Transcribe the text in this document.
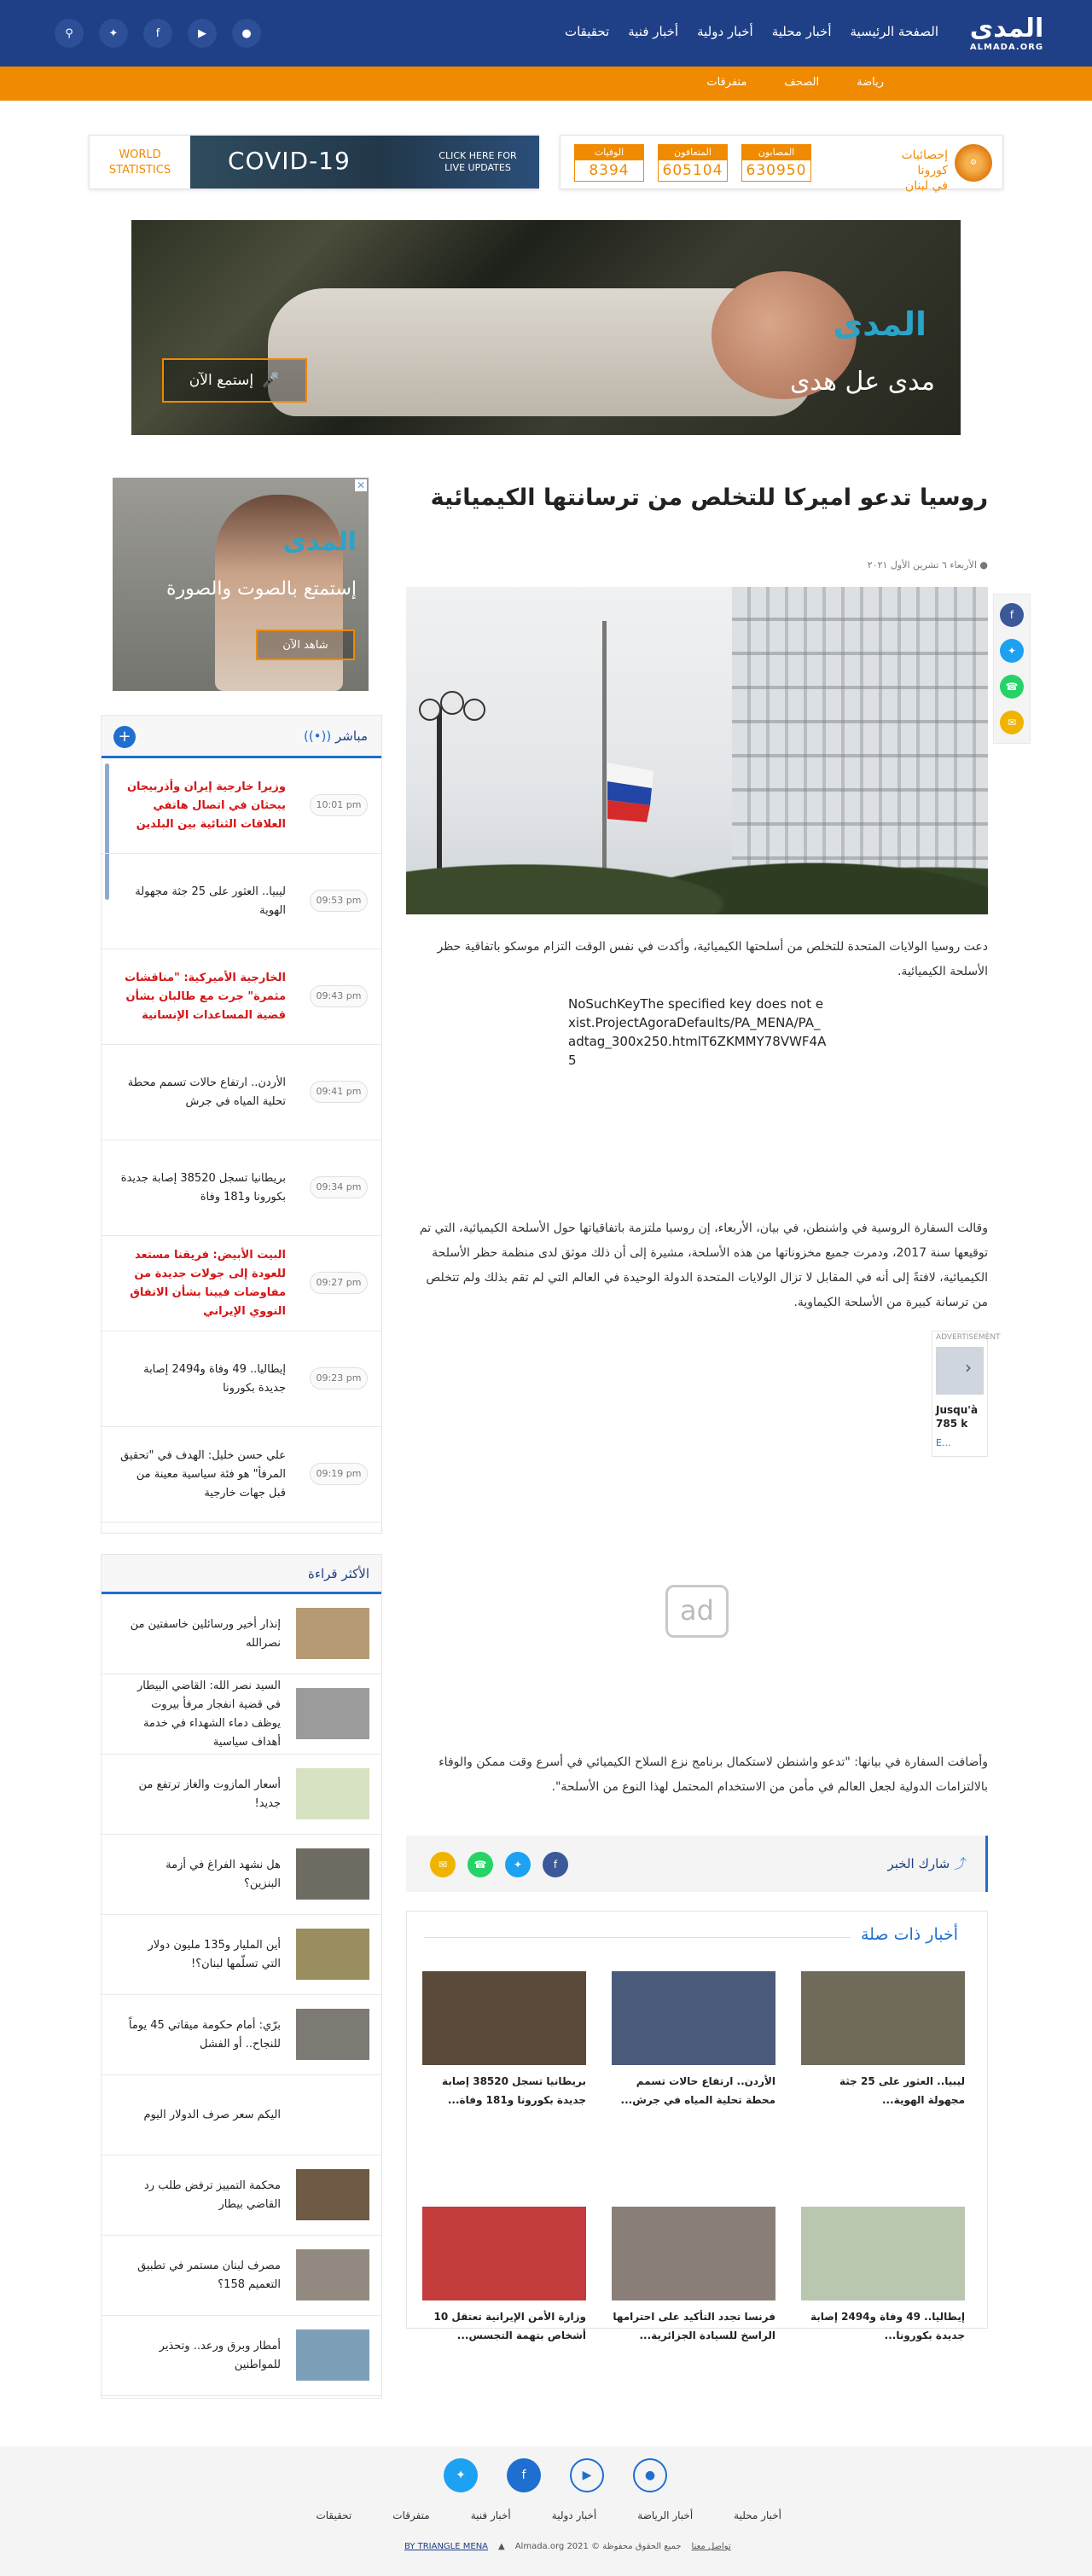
المدى
ALMADA.ORG
الصفحة الرئيسية
أخبار محلية
أخبار دولية
أخبار فنية
تحقيقات
⚲	✦	f	▶	●
رياضة
الصحف
متفرقات
WORLD
STATISTICS	COVID-19	CLICK HERE FOR
LIVE UPDATES	⚙
إحصائيات كورونا
في لبنان
المصابون
630950
المتعافون
605104
الوفيات
8394
المدى
مدى عل هدى
🎤
إستمع الآن
✕
المدى
إستمتع بالصوت والصورة
شاهد الآن
مباشر ((•))
+
وزيرا خارجية إيران وأذربيجان يبحثان في اتصال هاتفي العلاقات الثنائية بين البلدين
10:01 pm
ليبيا.. العثور على 25 جثة مجهولة الهوية
09:53 pm
الخارجية الأميركية: "مناقشات مثمرة" جرت مع طالبان بشأن قضية المساعدات الإنسانية
09:43 pm
الأردن.. ارتفاع حالات تسمم محطة تحلية المياه في جرش
09:41 pm
بريطانيا تسجل 38520 إصابة جديدة بكورونا و181 وفاة
09:34 pm
البيت الأبيض: فريقنا مستعد للعودة إلى جولات جديدة من مفاوضات فيينا بشأن الاتفاق النووي الإيراني
09:27 pm
إيطاليا.. 49 وفاة و2494 إصابة جديدة بكورونا
09:23 pm
علي حسن خليل: الهدف في "تحقيق المرفأ" هو فئة سياسية معينة من قبل جهات خارجية
09:19 pm
الأكثر قراءة
إنذار أخير ورسائلين خاسفتين من نصرالله
السيد نصر الله: القاضي البيطار في قضية انفجار مرفأ بيروت يوظف دماء الشهداء في خدمة أهداف سياسية
أسعار المازوت والغاز ترتفع من جديد!
هل نشهد الفراغ في أزمة البنزين؟
أين المليار و135 مليون دولار التي تسلّمها لبنان؟!
برّي: أمام حكومة ميقاتي 45 يوماً للنجاح.. أو الفشل
اليكم سعر صرف الدولار اليوم
محكمة التمييز ترفض طلب رد القاضي بيطار
مصرف لبنان مستمر في تطبيق التعميم 158؟
أمطار وبرق ورعد.. وتحذير للمواطنين
روسيا تدعو اميركا للتخلص من ترسانتها الكيميائية
● الأربعاء ٦ تشرين الأول ٢٠٢١
f
✦
☎
✉

دعت روسيا الولايات المتحدة للتخلص من أسلحتها الكيميائية، وأكدت في نفس الوقت التزام موسكو باتفاقية حظر الأسلحة الكيميائية.

NoSuchKeyThe specified key does not exist.ProjectAgoraDefaults/PA_MENA/PA_adtag_300x250.htmlT6ZKMMY78VWF4A5

وقالت السفارة الروسية في واشنطن، في بيان، الأربعاء، إن روسيا ملتزمة باتفاقياتها حول الأسلحة الكيميائية، التي تم توقيعها سنة 2017، ودمرت جميع مخزوناتها من هذه الأسلحة، مشيرة إلى أن ذلك موثق لدى منظمة حظر الأسلحة الكيميائية، لافتةً إلى أنه في المقابل لا تزال الولايات المتحدة الدولة الوحيدة في العالم التي لم تقم بذلك ولم تتخلص من ترسانة كبيرة من الأسلحة الكيماوية.

ADVERTISEMENT
›
Jusqu'à 785 k
E...
ad

وأضافت السفارة في بيانها: "تدعو واشنطن لاستكمال برنامج نزع السلاح الكيميائي في أسرع وقت ممكن والوفاء بالالتزامات الدولية لجعل العالم في مأمن من الاستخدام المحتمل لهذا النوع من الأسلحة".

⤴ شارك الخبر
✉	☎	✦	f
أخبار ذات صلة
ليبيا.. العثور على 25 جثة مجهولة الهوية...
الأردن.. ارتفاع حالات تسمم محطة تحلية المياه في جرش...
بريطانيا تسجل 38520 إصابة جديدة بكورونا و181 وفاة...
إيطاليا.. 49 وفاة و2494 إصابة جديدة بكورونا...
فرنسا تجدد التأكيد على احترامها الراسخ للسيادة الجزائرية...
وزارة الأمن الإيرانية تعتقل 10 أشخاص بتهمة التجسس...
✦	f	▶	●
أخبار محلية
أخبار الرياضة
أخبار دولية
أخبار فنية
متفرقات
تحقيقات
BY TRIANGLE MENA ▲ جميع الحقوق محفوظة © Almada.org 2021 تواصل معنا
